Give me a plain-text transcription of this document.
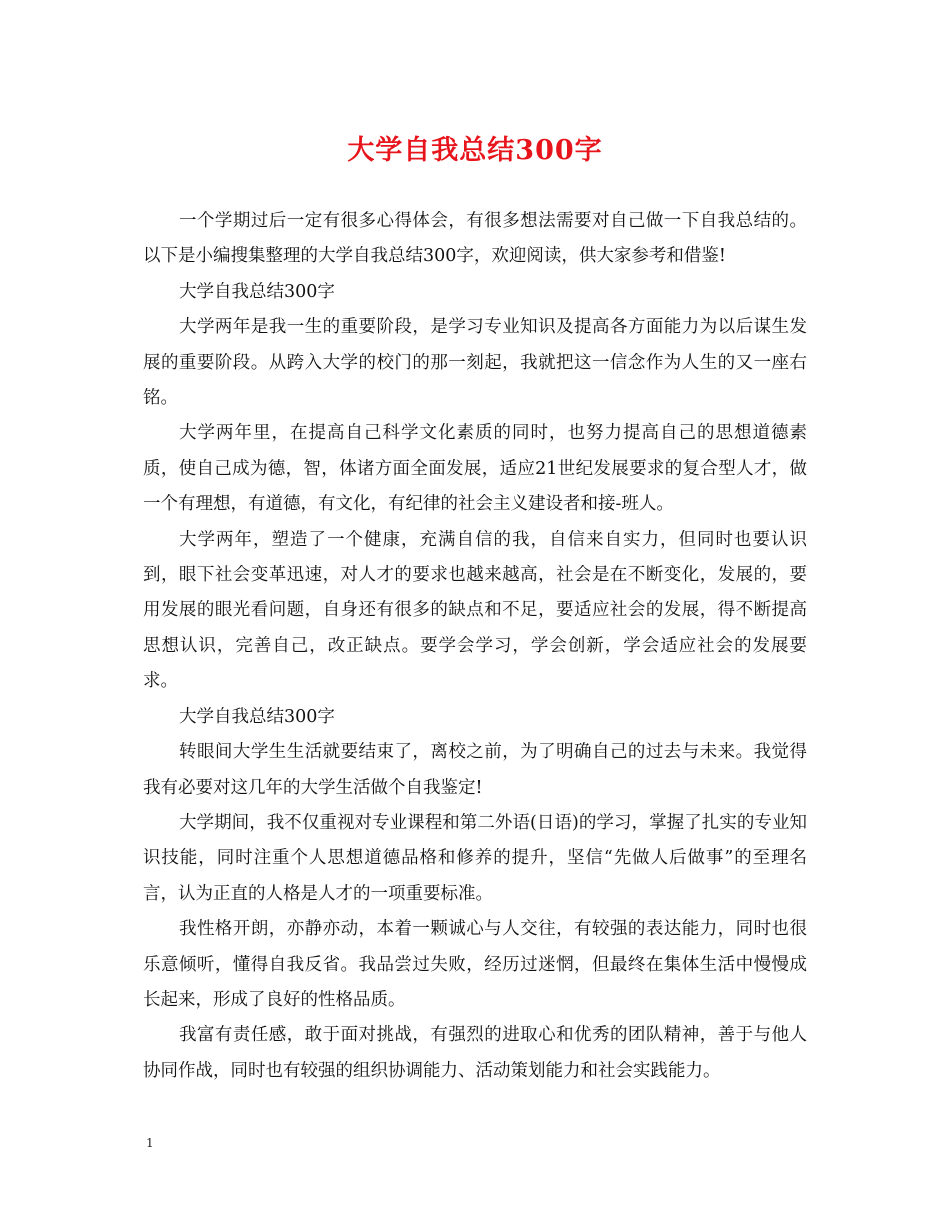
大学自我总结300字

一个学期过后一定有很多心得体会，有很多想法需要对自己做一下自我总结的。以下是小编搜集整理的大学自我总结300字，欢迎阅读，供大家参考和借鉴!

大学自我总结300字

大学两年是我一生的重要阶段，是学习专业知识及提高各方面能力为以后谋生发展的重要阶段。从跨入大学的校门的那一刻起，我就把这一信念作为人生的又一座右铭。

大学两年里，在提高自己科学文化素质的同时，也努力提高自己的思想道德素质，使自己成为德，智，体诸方面全面发展，适应21世纪发展要求的复合型人才，做一个有理想，有道德，有文化，有纪律的社会主义建设者和接-班人。

大学两年，塑造了一个健康，充满自信的我，自信来自实力，但同时也要认识到，眼下社会变革迅速，对人才的要求也越来越高，社会是在不断变化，发展的，要用发展的眼光看问题，自身还有很多的缺点和不足，要适应社会的发展，得不断提高思想认识，完善自己，改正缺点。要学会学习，学会创新，学会适应社会的发展要求。

大学自我总结300字

转眼间大学生生活就要结束了，离校之前，为了明确自己的过去与未来。我觉得我有必要对这几年的大学生活做个自我鉴定!

大学期间，我不仅重视对专业课程和第二外语(日语)的学习，掌握了扎实的专业知识技能，同时注重个人思想道德品格和修养的提升，坚信“先做人后做事”的至理名言，认为正直的人格是人才的一项重要标准。

我性格开朗，亦静亦动，本着一颗诚心与人交往，有较强的表达能力，同时也很乐意倾听，懂得自我反省。我品尝过失败，经历过迷惘，但最终在集体生活中慢慢成长起来，形成了良好的性格品质。

我富有责任感，敢于面对挑战，有强烈的进取心和优秀的团队精神，善于与他人协同作战，同时也有较强的组织协调能力、活动策划能力和社会实践能力。

1
